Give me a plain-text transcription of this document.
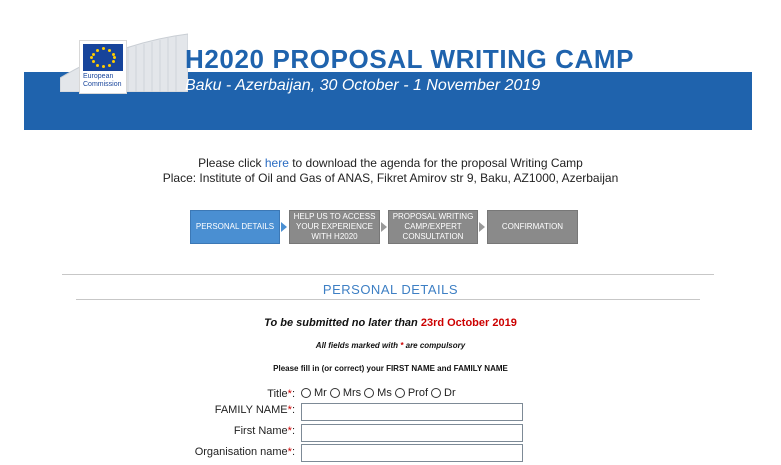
European
Commission
H2020 PROPOSAL WRITING CAMP
Baku - Azerbaijan, 30 October - 1 November 2019
Please click here to download the agenda for the proposal Writing Camp
Place: Institute of Oil and Gas of ANAS, Fikret Amirov str 9, Baku, AZ1000, Azerbaijan
PERSONAL DETAILS
HELP US TO ACCESS YOUR EXPERIENCE WITH H2020
PROPOSAL WRITING CAMP/EXPERT CONSULTATION
CONFIRMATION
PERSONAL DETAILS
To be submitted no later than 23rd October 2019
All fields marked with * are compulsory
Please fill in (or correct) your FIRST NAME and FAMILY NAME
Title*: Mr Mrs Ms Prof Dr
FAMILY NAME*:
First Name*:
Organisation name*:
